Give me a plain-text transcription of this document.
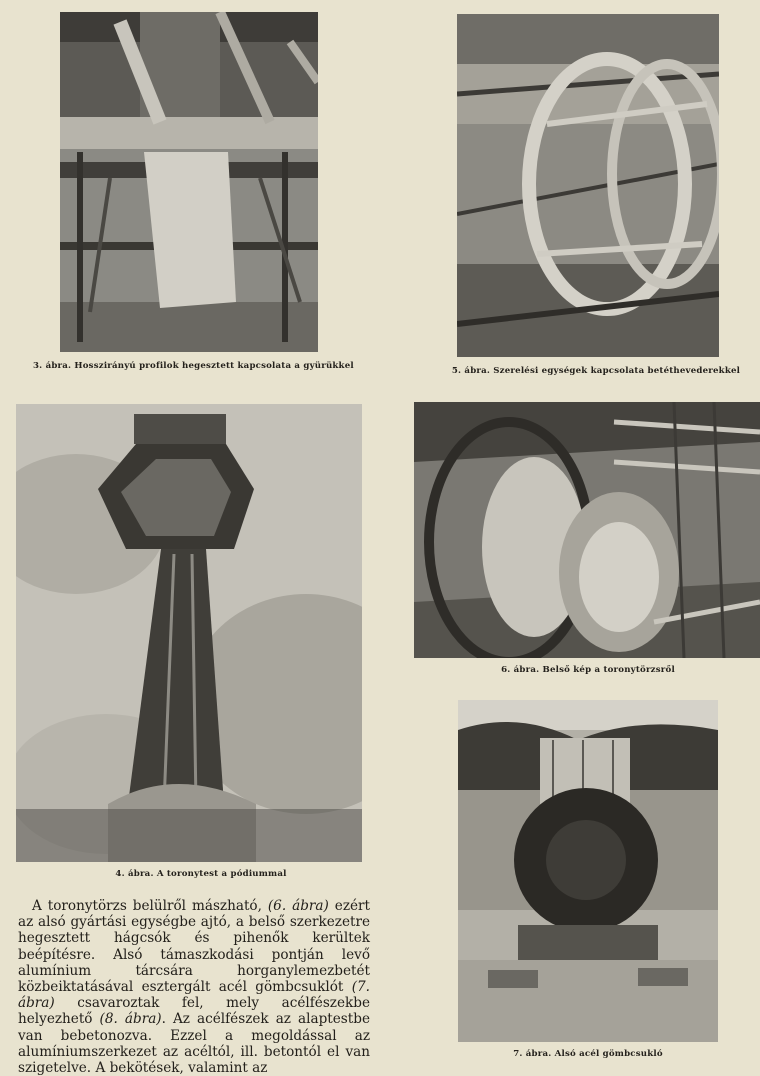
3. ábra. Hosszirányú profilok hegesztett kapcsolata a gyürükkel	5. ábra. Szerelési egységek kapcsolata betéthevederekkel
4. ábra. A toronytest a pódiummal
6. ábra. Belső kép a toronytörzsről
7. ábra. Alsó acél gömbcsukló

A toronytörzs belülről mászható, (6. ábra) ezért az alsó gyártási egységbe ajtó, a belső szerkezetre hegesztett hágcsók és pihenők kerültek beépítésre. Alsó támaszkodási pontján levő alumínium tárcsára horganylemezbetét közbeiktatásával esztergált acél gömbcsuklót (7. ábra) csavaroztak fel, mely acélfészekbe helyezhető (8. ábra). Az acélfészek az alaptestbe van bebetonozva. Ezzel a megoldással az alumíniumszerkezet az acéltól, ill. betontól el van szigetelve. A bekötések, valamint az
